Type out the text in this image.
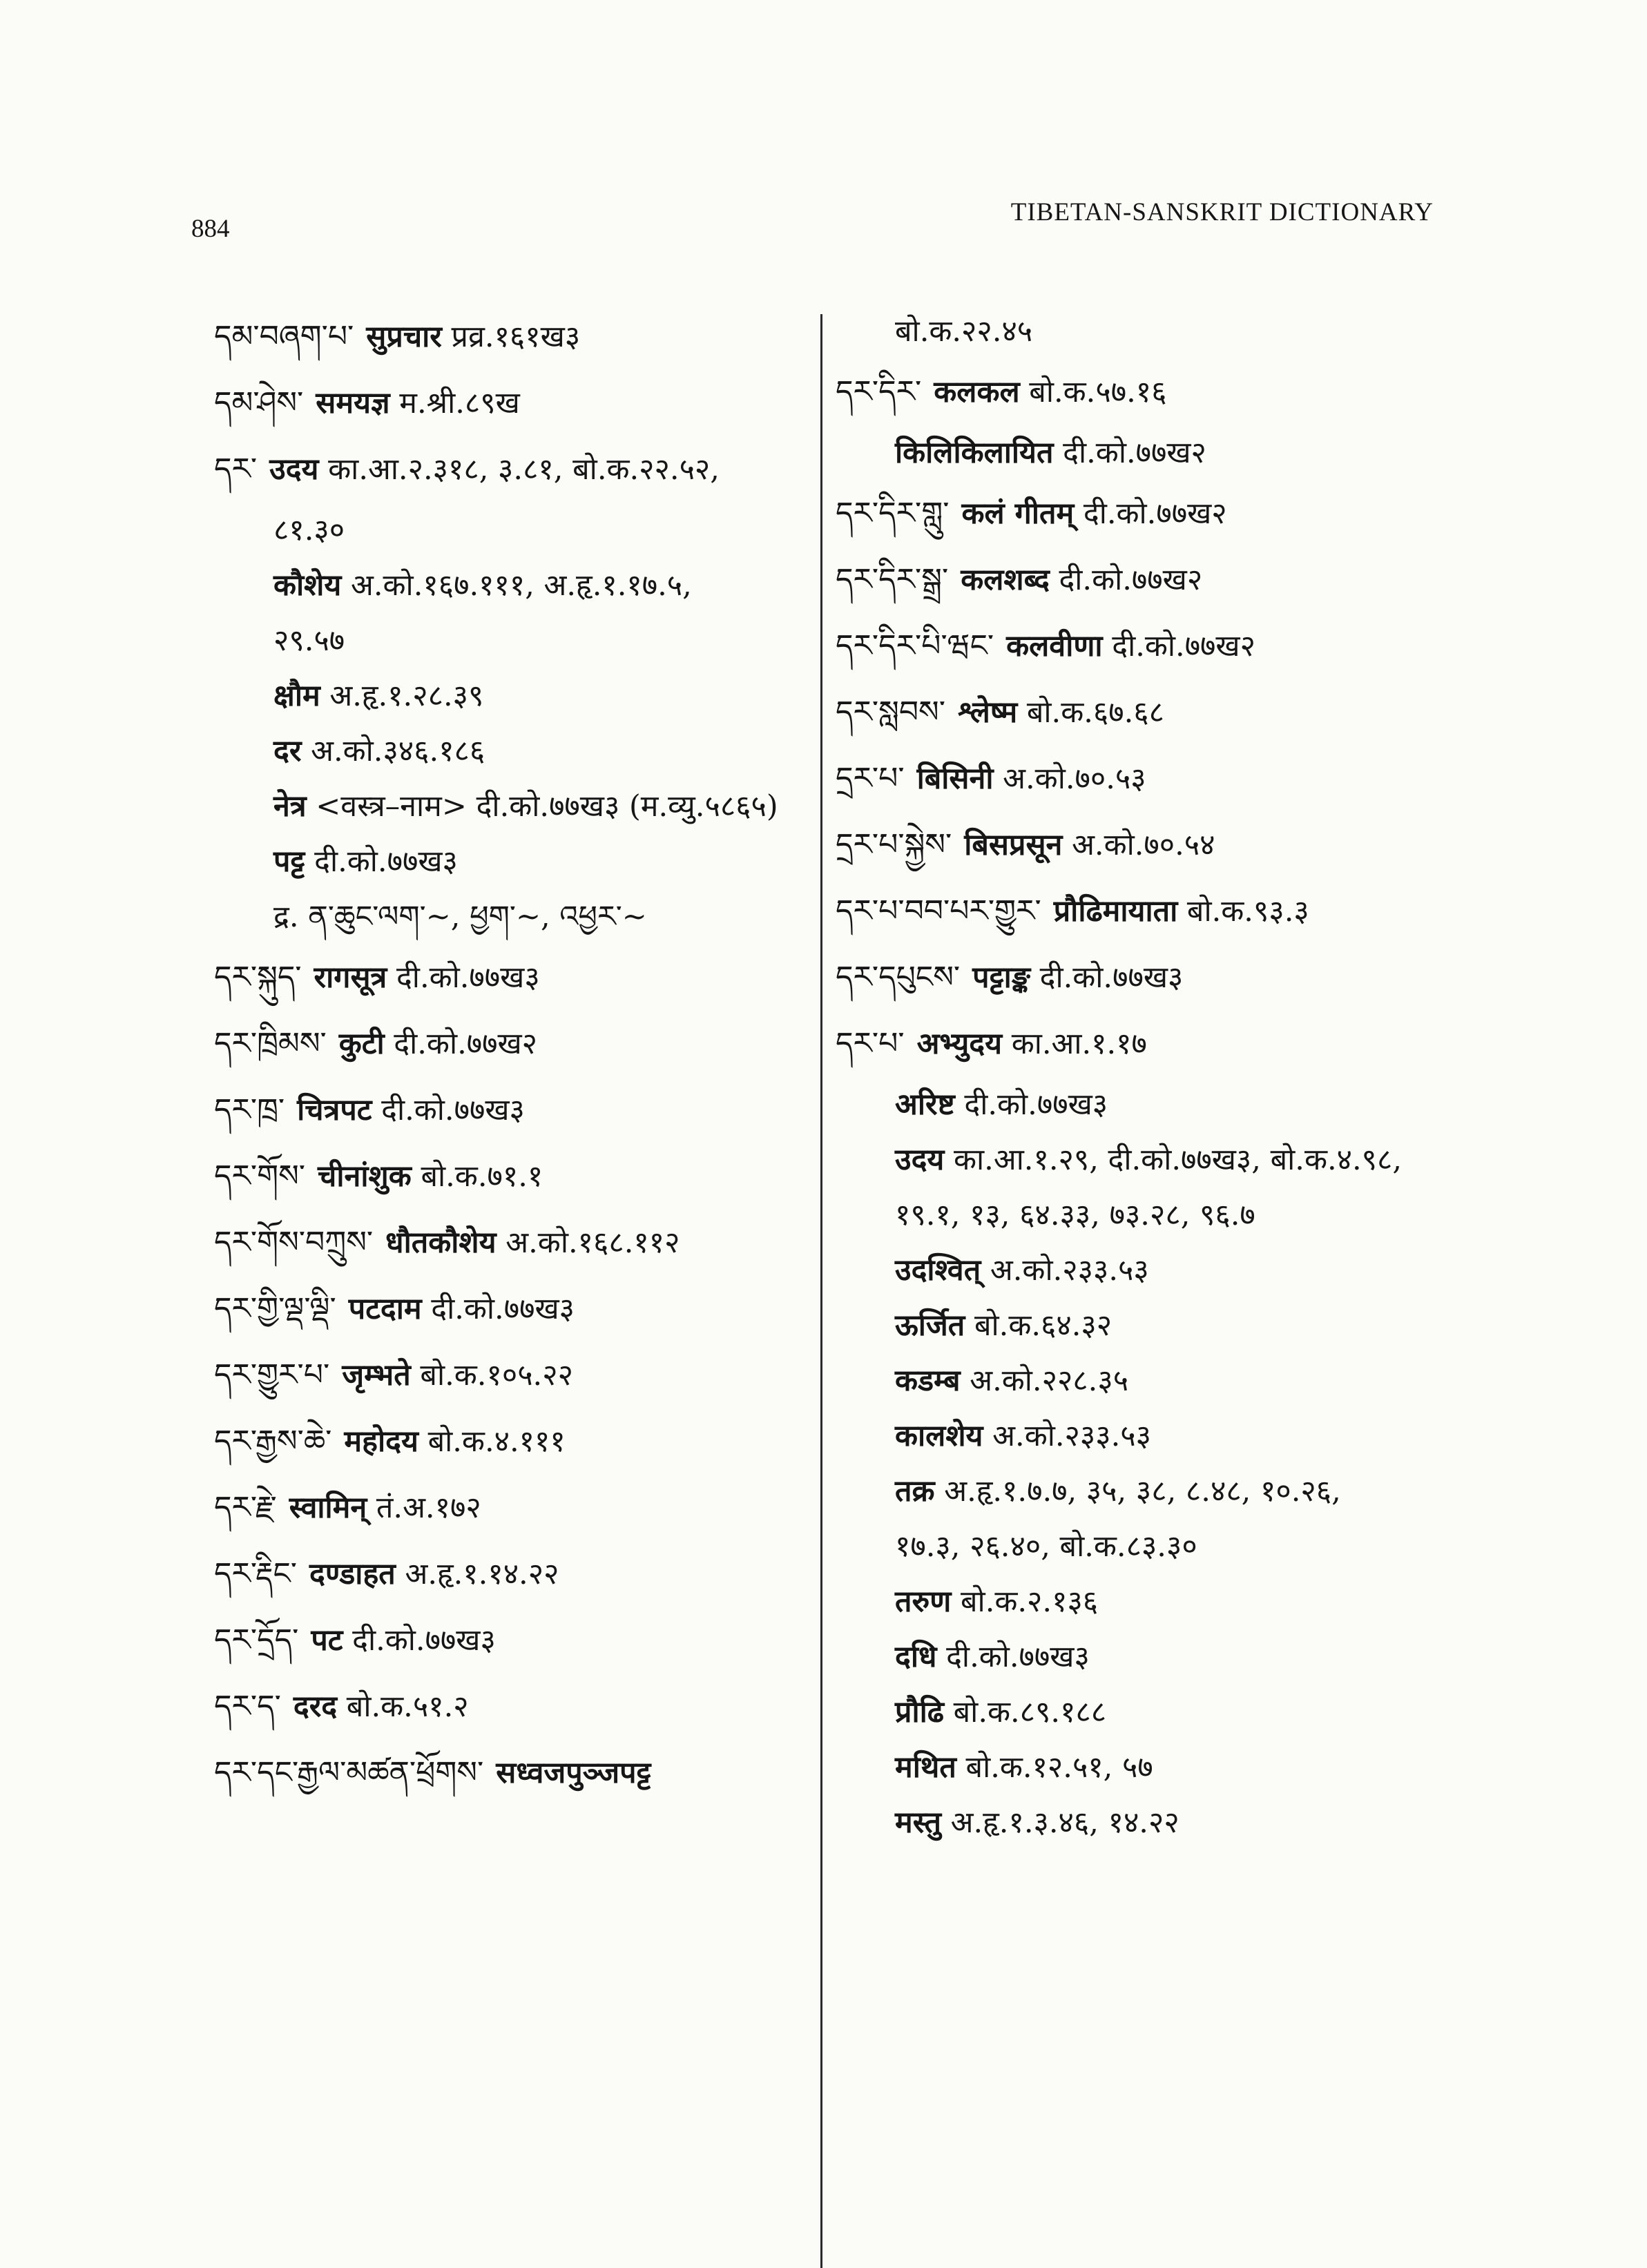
884
TIBETAN-SANSKRIT DICTIONARY
དམ་བཞག་པ་ सुप्रचार प्रव्र.१६१ख३
དམ་ཤེས་ समयज्ञ म.श्री.८९ख
དར་ उदय का.आ.२.३१८, ३.८१, बो.क.२२.५२,
८१.३०
कौशेय अ.को.१६७.१११, अ.हृ.१.१७.५,
२९.५७
क्षौम अ.हृ.१.२८.३९
दर अ.को.३४६.१८६
नेत्र <वस्त्र–नाम> दी.को.७७ख३ (म.व्यु.५८६५)
पट्ट दी.को.७७ख३
द्र. ན་ཆུང་ལག་~, ཕྱག་~, འཕྱར་~
དར་སྐུད་ रागसूत्र दी.को.७७ख३
དར་ཁྲིམས་ कुटी दी.को.७७ख२
དར་ཁྲ་ चित्रपट दी.को.७७ख३
དར་གོས་ चीनांशुक बो.क.७१.१
དར་གོས་བཀྲུས་ धौतकौशेय अ.को.१६८.११२
དར་གྱི་ལྡ་ལྡི་ पटदाम दी.को.७७ख३
དར་གྱུར་པ་ जृम्भते बो.क.१०५.२२
དར་རྒྱས་ཆེ་ महोदय बो.क.४.१११
དར་རྗེ་ स्वामिन् तं.अ.१७२
དར་རྡིང་ दण्डाहत अ.हृ.१.१४.२२
དར་དྲོད་ पट दी.को.७७ख३
དར་ད་ दरद बो.क.५१.२
དར་དང་རྒྱལ་མཚན་ཕྲོགས་ सध्वजपुञ्जपट्ट
बो.क.२२.४५
དར་དིར་ कलकल बो.क.५७.१६
किलिकिलायित दी.को.७७ख२
དར་དིར་གླུ་ कलं गीतम् दी.को.७७ख२
དར་དིར་སྒྲ་ कलशब्द दी.को.७७ख२
དར་དིར་པི་ཝང་ कलवीणा दी.को.७७ख२
དར་སླབས་ श्लेष्म बो.क.६७.६८
དྲར་པ་ बिसिनी अ.को.७०.५३
དྲར་པ་སྐྱེས་ बिसप्रसून अ.को.७०.५४
དར་པ་བབ་པར་གྱུར་ प्रौढिमायाता बो.क.९३.३
དར་དཔུངས་ पट्टाङ्क दी.को.७७ख३
དར་པ་ अभ्युदय का.आ.१.१७
अरिष्ट दी.को.७७ख३
उदय का.आ.१.२९, दी.को.७७ख३, बो.क.४.९८,
१९.१, १३, ६४.३३, ७३.२८, ९६.७
उदश्वित् अ.को.२३३.५३
ऊर्जित बो.क.६४.३२
कडम्ब अ.को.२२८.३५
कालशेय अ.को.२३३.५३
तक्र अ.हृ.१.७.७, ३५, ३८, ८.४८, १०.२६,
१७.३, २६.४०, बो.क.८३.३०
तरुण बो.क.२.१३६
दधि दी.को.७७ख३
प्रौढि बो.क.८९.१८८
मथित बो.क.१२.५१, ५७
मस्तु अ.हृ.१.३.४६, १४.२२
